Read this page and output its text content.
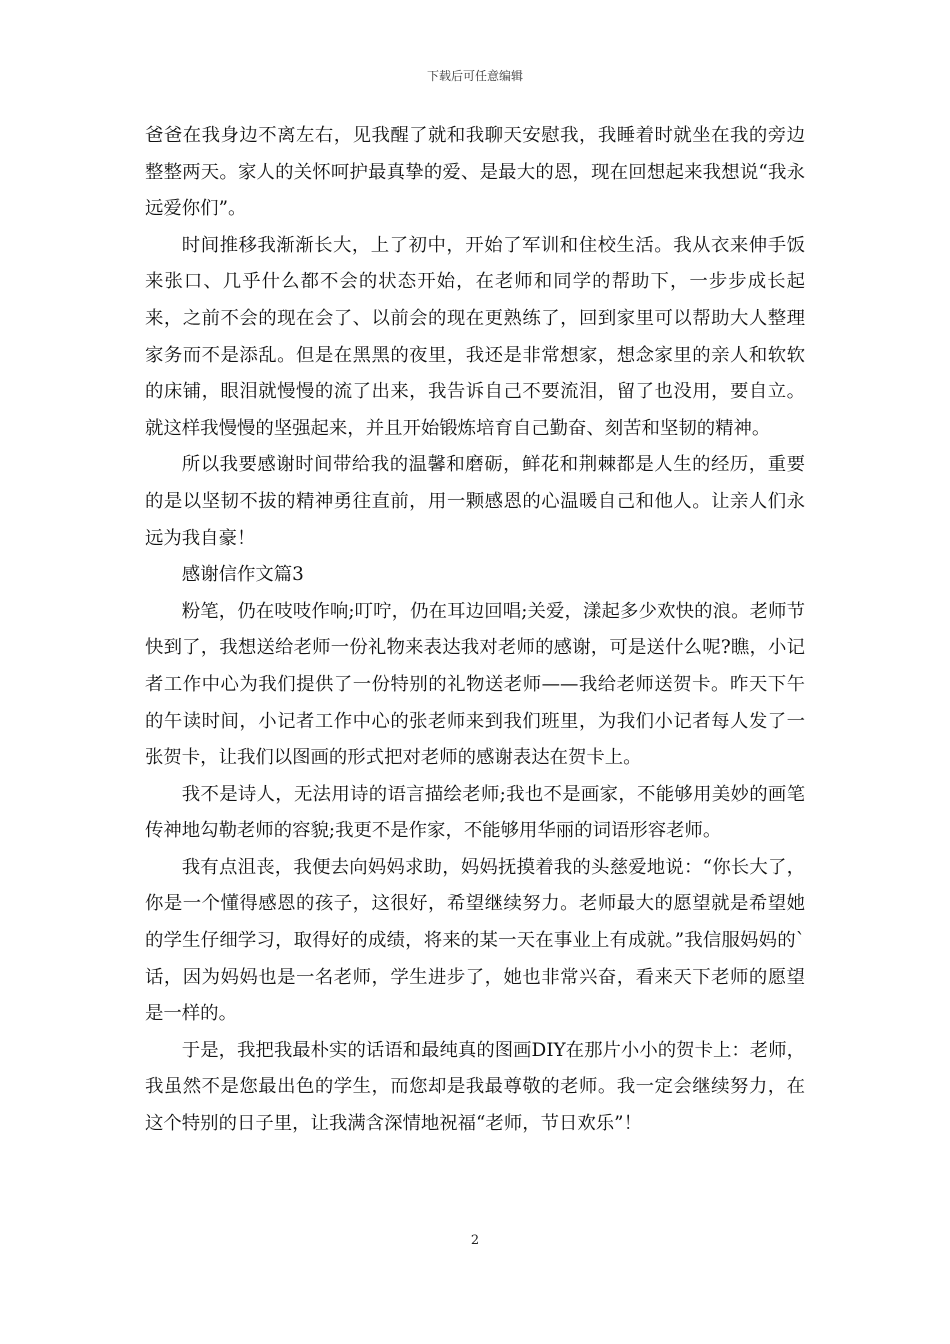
下载后可任意编辑

爸爸在我身边不离左右，见我醒了就和我聊天安慰我，我睡着时就坐在我的旁边整整两天。家人的关怀呵护最真挚的爱、是最大的恩，现在回想起来我想说“我永远爱你们”。

时间推移我渐渐长大，上了初中，开始了军训和住校生活。我从衣来伸手饭来张口、几乎什么都不会的状态开始，在老师和同学的帮助下，一步步成长起来，之前不会的现在会了、以前会的现在更熟练了，回到家里可以帮助大人整理家务而不是添乱。但是在黑黑的夜里，我还是非常想家，想念家里的亲人和软软的床铺，眼泪就慢慢的流了出来，我告诉自己不要流泪，留了也没用，要自立。就这样我慢慢的坚强起来，并且开始锻炼培育自己勤奋、刻苦和坚韧的精神。

所以我要感谢时间带给我的温馨和磨砺，鲜花和荆棘都是人生的经历，重要的是以坚韧不拔的精神勇往直前，用一颗感恩的心温暖自己和他人。让亲人们永远为我自豪！

感谢信作文篇3

粉笔，仍在吱吱作响;叮咛，仍在耳边回唱;关爱，漾起多少欢快的浪。老师节快到了，我想送给老师一份礼物来表达我对老师的感谢，可是送什么呢?瞧，小记者工作中心为我们提供了一份特别的礼物送老师——我给老师送贺卡。昨天下午的午读时间，小记者工作中心的张老师来到我们班里，为我们小记者每人发了一张贺卡，让我们以图画的形式把对老师的感谢表达在贺卡上。

我不是诗人，无法用诗的语言描绘老师;我也不是画家，不能够用美妙的画笔传神地勾勒老师的容貌;我更不是作家，不能够用华丽的词语形容老师。

我有点沮丧，我便去向妈妈求助，妈妈抚摸着我的头慈爱地说：“你长大了，你是一个懂得感恩的孩子，这很好，希望继续努力。老师最大的愿望就是希望她的学生仔细学习，取得好的成绩，将来的某一天在事业上有成就。”我信服妈妈的`话，因为妈妈也是一名老师，学生进步了，她也非常兴奋，看来天下老师的愿望是一样的。

于是，我把我最朴实的话语和最纯真的图画DIY在那片小小的贺卡上：老师，我虽然不是您最出色的学生，而您却是我最尊敬的老师。我一定会继续努力，在这个特别的日子里，让我满含深情地祝福“老师，节日欢乐”！

2
